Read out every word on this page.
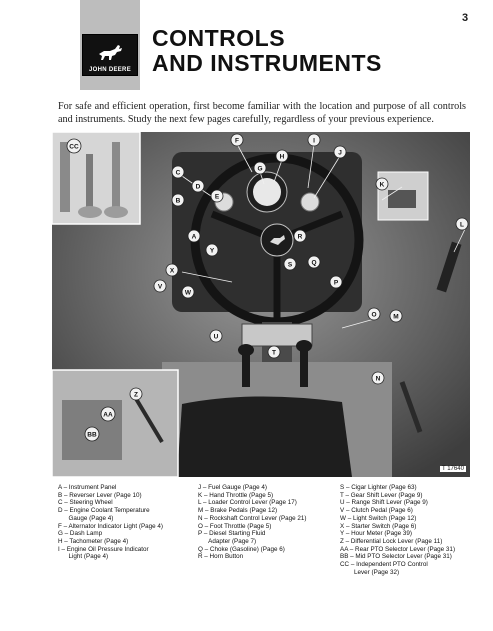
3
JOHN DEERE
CONTROLS
AND INSTRUMENTS

For safe and efficient operation, first become familiar with the location and purpose of all controls and instruments. Study the next few pages carefully, regardless of your previous experience.

F
G
H
I
J
CC
C
D
E
K
B
A	R
Y
S
L
X
Q
P
V
W
M
O
U
T
N
Z
AA
BB
T 17640
A – Instrument Panel
B – Reverser Lever (Page 10)
C – Steering Wheel
D – Engine Coolant Temperature
Gauge (Page 4)
F – Alternator Indicator Light (Page 4)
G – Dash Lamp
H – Tachometer (Page 4)
I – Engine Oil Pressure Indicator
Light (Page 4)
J – Fuel Gauge (Page 4)
K – Hand Throttle (Page 5)
L – Loader Control Lever (Page 17)
M – Brake Pedals (Page 12)
N – Rockshaft Control Lever (Page 21)
O – Foot Throttle (Page 5)
P – Diesel Starting Fluid
Adapter (Page 7)
Q – Choke (Gasoline) (Page 6)
R – Horn Button
S – Cigar Lighter (Page 63)
T – Gear Shift Lever (Page 9)
U – Range Shift Lever (Page 9)
V – Clutch Pedal (Page 6)
W – Light Switch (Page 12)
X – Starter Switch (Page 6)
Y – Hour Meter (Page 39)
Z – Differential Lock Lever (Page 11)
AA – Rear PTO Selector Lever (Page 31)
BB – Mid PTO Selector Lever (Page 31)
CC – Independent PTO Control
Lever (Page 32)
